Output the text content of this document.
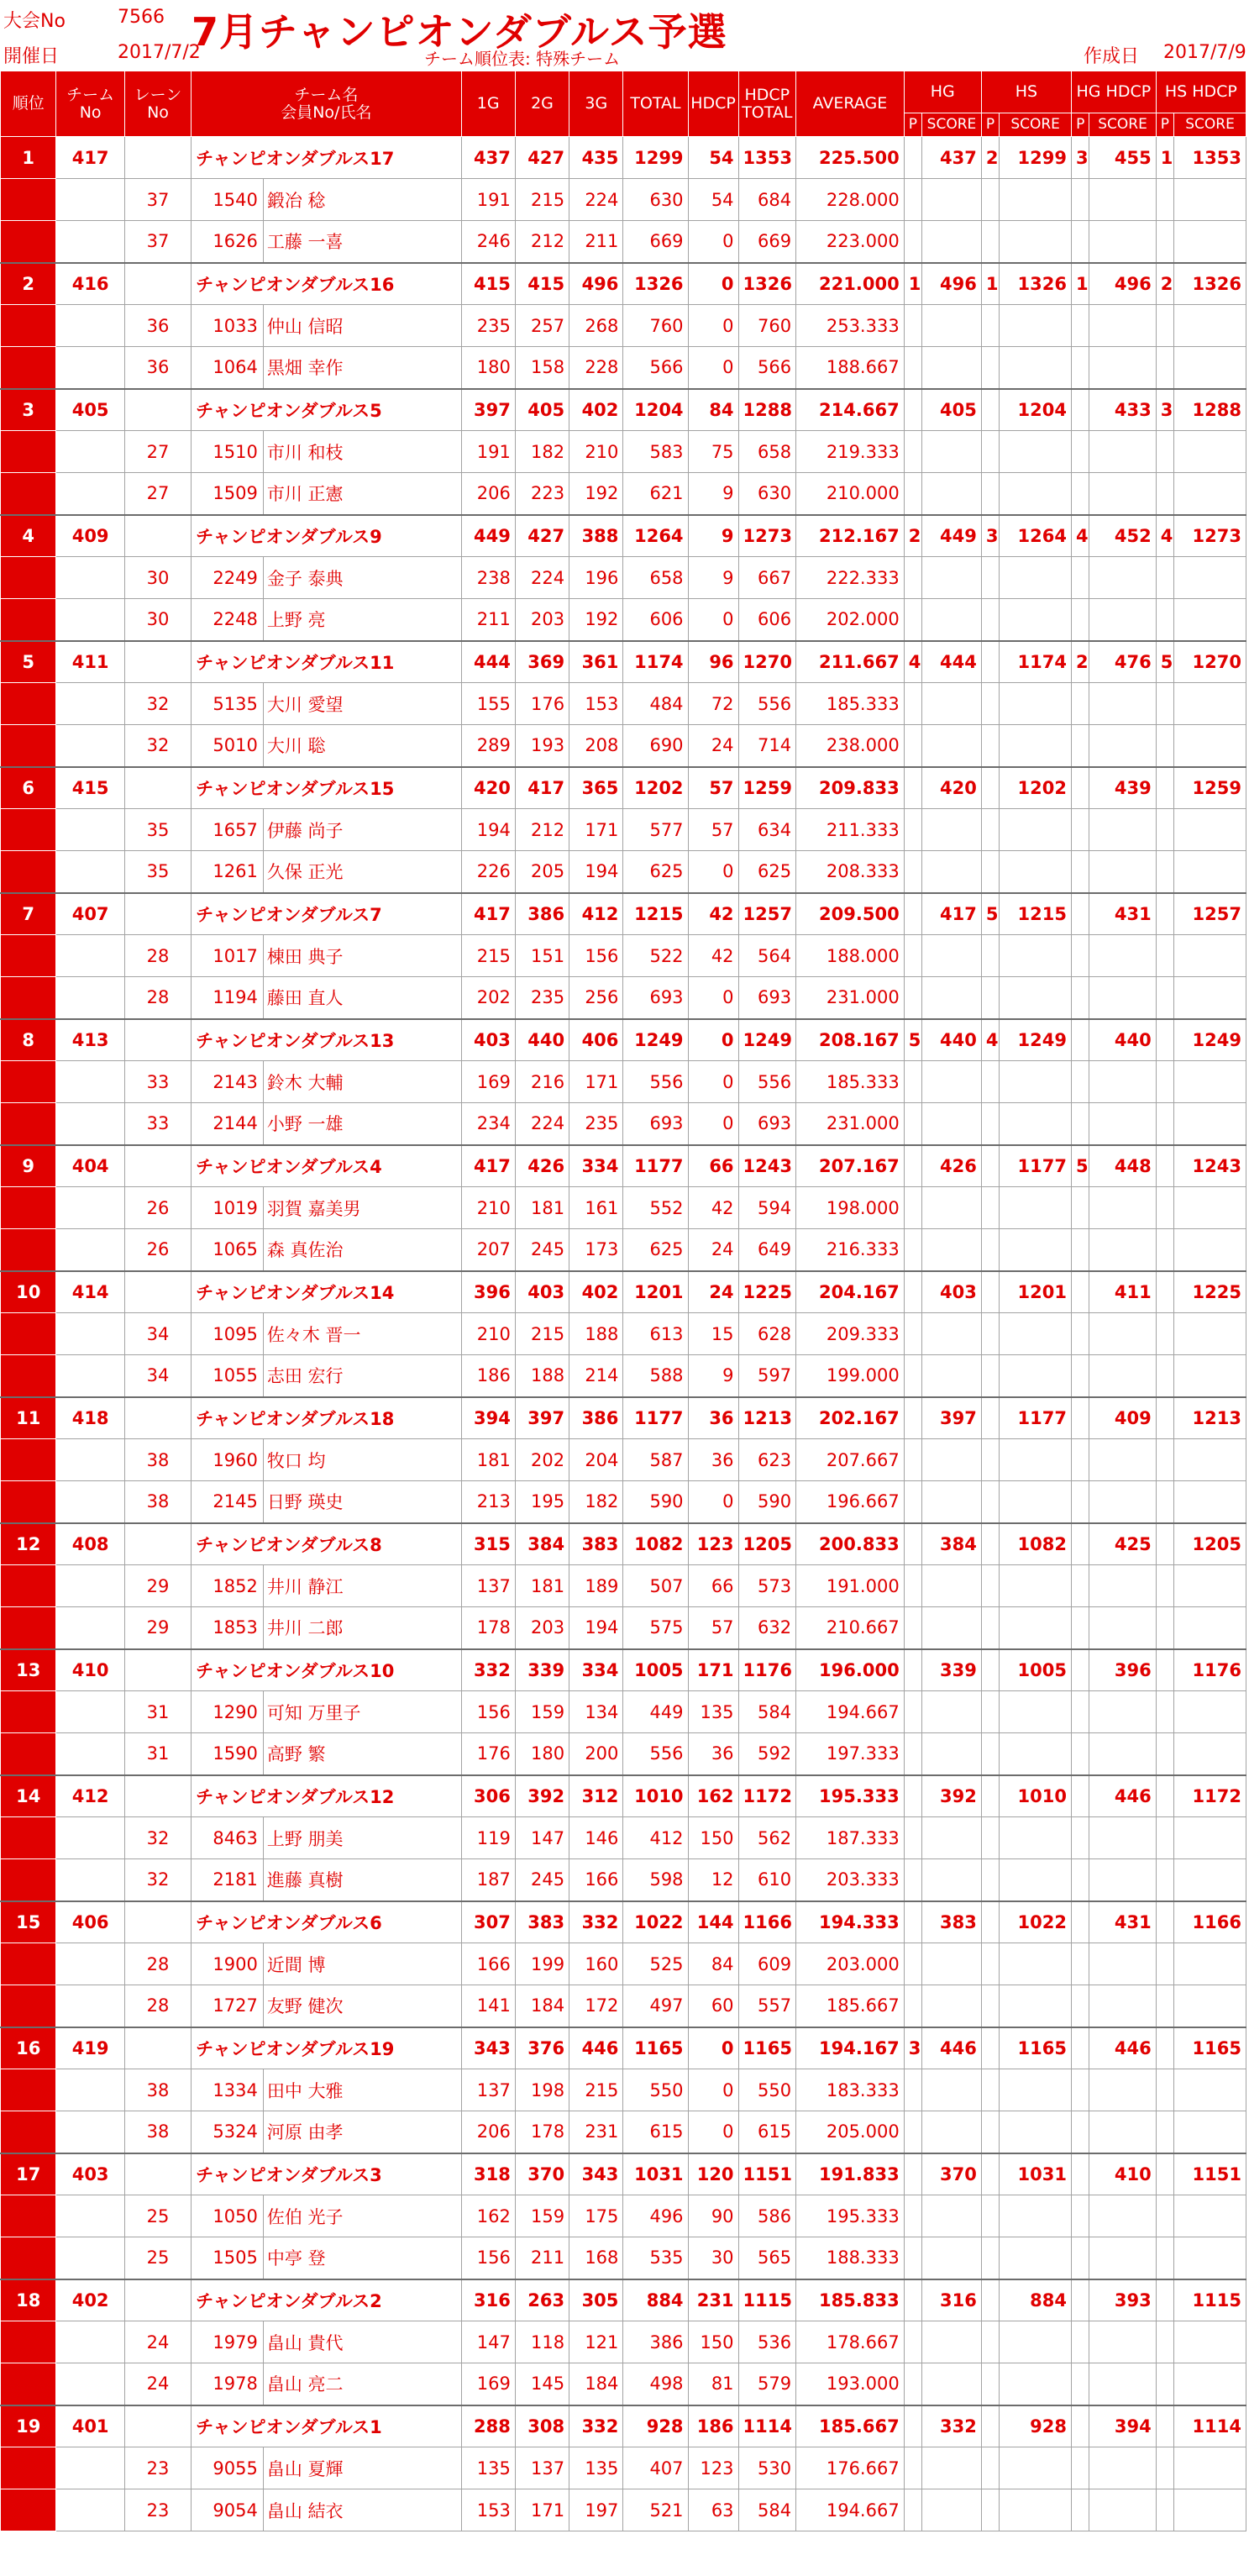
大会No	7566
開催日	2017/7/2
7月チャンピオンダブルス予選
チーム順位表: 特殊チーム	作成日 2017/7/9
順位	チーム
No	レーン
No	チーム名
会員No/氏名		1G	2G	3G	TOTAL	HDCP	HDCP
TOTAL	AVERAGE	HG		HS		HG HDCP		HS HDCP	
												P	SCORE	P	SCORE	P	SCORE	P	SCORE
1	417		チャンピオンダブルス17		437	427	435	1299	54	1353	225.500		437	2	1299	3	455	1	1353
		37	1540	鍛冶 稔	191	215	224	630	54	684	228.000								
		37	1626	工藤 一喜	246	212	211	669	0	669	223.000								
2	416		チャンピオンダブルス16		415	415	496	1326	0	1326	221.000	1	496	1	1326	1	496	2	1326
		36	1033	仲山 信昭	235	257	268	760	0	760	253.333								
		36	1064	黒畑 幸作	180	158	228	566	0	566	188.667								
3	405		チャンピオンダブルス5		397	405	402	1204	84	1288	214.667		405		1204		433	3	1288
		27	1510	市川 和枝	191	182	210	583	75	658	219.333								
		27	1509	市川 正憲	206	223	192	621	9	630	210.000								
4	409		チャンピオンダブルス9		449	427	388	1264	9	1273	212.167	2	449	3	1264	4	452	4	1273
		30	2249	金子 泰典	238	224	196	658	9	667	222.333								
		30	2248	上野 亮	211	203	192	606	0	606	202.000								
5	411		チャンピオンダブルス11		444	369	361	1174	96	1270	211.667	4	444		1174	2	476	5	1270
		32	5135	大川 愛望	155	176	153	484	72	556	185.333								
		32	5010	大川 聡	289	193	208	690	24	714	238.000								
6	415		チャンピオンダブルス15		420	417	365	1202	57	1259	209.833		420		1202		439		1259
		35	1657	伊藤 尚子	194	212	171	577	57	634	211.333								
		35	1261	久保 正光	226	205	194	625	0	625	208.333								
7	407		チャンピオンダブルス7		417	386	412	1215	42	1257	209.500		417	5	1215		431		1257
		28	1017	棟田 典子	215	151	156	522	42	564	188.000								
		28	1194	藤田 直人	202	235	256	693	0	693	231.000								
8	413		チャンピオンダブルス13		403	440	406	1249	0	1249	208.167	5	440	4	1249		440		1249
		33	2143	鈴木 大輔	169	216	171	556	0	556	185.333								
		33	2144	小野 一雄	234	224	235	693	0	693	231.000								
9	404		チャンピオンダブルス4		417	426	334	1177	66	1243	207.167		426		1177	5	448		1243
		26	1019	羽賀 嘉美男	210	181	161	552	42	594	198.000								
		26	1065	森 真佐治	207	245	173	625	24	649	216.333								
10	414		チャンピオンダブルス14		396	403	402	1201	24	1225	204.167		403		1201		411		1225
		34	1095	佐々木 晋一	210	215	188	613	15	628	209.333								
		34	1055	志田 宏行	186	188	214	588	9	597	199.000								
11	418		チャンピオンダブルス18		394	397	386	1177	36	1213	202.167		397		1177		409		1213
		38	1960	牧口 均	181	202	204	587	36	623	207.667								
		38	2145	日野 瑛史	213	195	182	590	0	590	196.667								
12	408		チャンピオンダブルス8		315	384	383	1082	123	1205	200.833		384		1082		425		1205
		29	1852	井川 静江	137	181	189	507	66	573	191.000								
		29	1853	井川 二郎	178	203	194	575	57	632	210.667								
13	410		チャンピオンダブルス10		332	339	334	1005	171	1176	196.000		339		1005		396		1176
		31	1290	可知 万里子	156	159	134	449	135	584	194.667								
		31	1590	高野 繁	176	180	200	556	36	592	197.333								
14	412		チャンピオンダブルス12		306	392	312	1010	162	1172	195.333		392		1010		446		1172
		32	8463	上野 朋美	119	147	146	412	150	562	187.333								
		32	2181	進藤 真樹	187	245	166	598	12	610	203.333								
15	406		チャンピオンダブルス6		307	383	332	1022	144	1166	194.333		383		1022		431		1166
		28	1900	近間 博	166	199	160	525	84	609	203.000								
		28	1727	友野 健次	141	184	172	497	60	557	185.667								
16	419		チャンピオンダブルス19		343	376	446	1165	0	1165	194.167	3	446		1165		446		1165
		38	1334	田中 大雅	137	198	215	550	0	550	183.333								
		38	5324	河原 由孝	206	178	231	615	0	615	205.000								
17	403		チャンピオンダブルス3		318	370	343	1031	120	1151	191.833		370		1031		410		1151
		25	1050	佐伯 光子	162	159	175	496	90	586	195.333								
		25	1505	中亭 登	156	211	168	535	30	565	188.333								
18	402		チャンピオンダブルス2		316	263	305	884	231	1115	185.833		316		884		393		1115
		24	1979	畠山 貴代	147	118	121	386	150	536	178.667								
		24	1978	畠山 亮二	169	145	184	498	81	579	193.000								
19	401		チャンピオンダブルス1		288	308	332	928	186	1114	185.667		332		928		394		1114
		23	9055	畠山 夏輝	135	137	135	407	123	530	176.667								
		23	9054	畠山 結衣	153	171	197	521	63	584	194.667								
